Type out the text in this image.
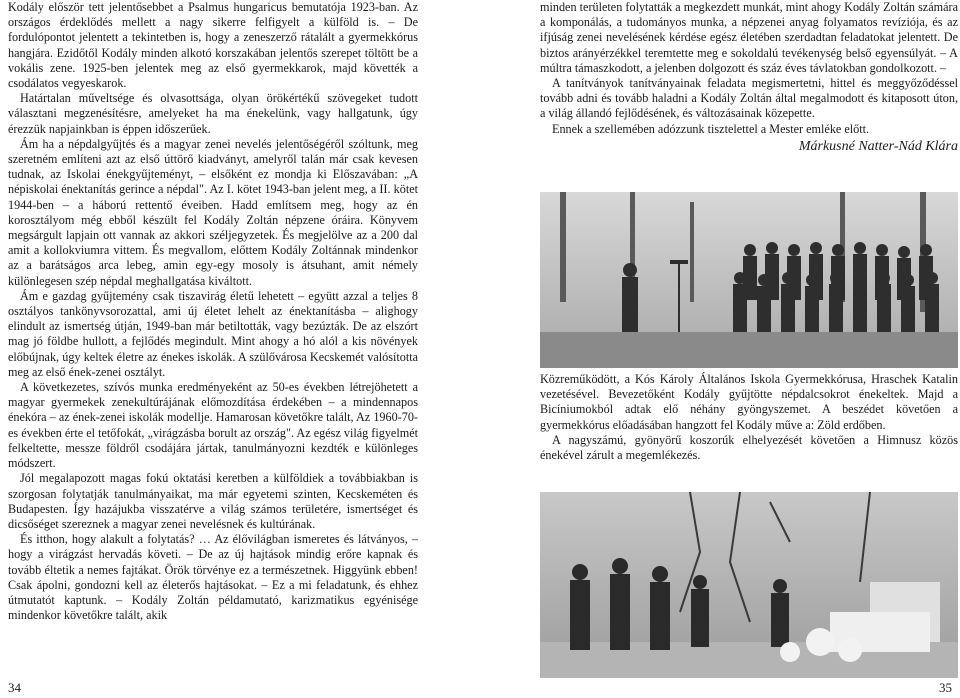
Kodály először tett jelentősebbet a Psalmus hungaricus bemutatója 1923-ban. Az országos érdeklődés mellett a nagy sikerre felfigyelt a külföld is. – De fordulópontot jelentett a tekintetben is, hogy a zeneszerző rátalált a gyermekkórus hangjára. Ezidőtől Kodály minden alkotó korszakában jelentős szerepet töltött be a vokális zene. 1925-ben jelentek meg az első gyermekkarok, majd követték a csodálatos vegyeskarok.

Határtalan műveltsége és olvasottsága, olyan örökértékű szövegeket tudott választani megzenésítésre, amelyeket ha ma énekelünk, vagy hallgatunk, úgy érezzük napjainkban is éppen időszerűek.

Ám ha a népdalgyűjtés és a magyar zenei nevelés jelentőségéről szóltunk, meg szeretném említeni azt az első úttörő kiadványt, amelyről talán már csak kevesen tudnak, az Iskolai énekgyűjteményt, – elsőként ez mondja ki Előszavában: „A népiskolai énektanítás gerince a népdal". Az I. kötet 1943-ban jelent meg, a II. kötet 1944-ben – a háború rettentő éveiben. Hadd említsem meg, hogy az én korosztályom még ebből készült fel Kodály Zoltán népzene óráira. Könyvem megsárgult lapjain ott vannak az akkori széljegyzetek. És megjelölve az a 200 dal amit a kollokviumra vittem. És megvallom, előttem Kodály Zoltánnak mindenkor az a barátságos arca lebeg, amin egy-egy mosoly is átsuhant, amit némely különlegesen szép népdal meghallgatása kiváltott.

Ám e gazdag gyűjtemény csak tiszavirág életű lehetett – együtt azzal a teljes 8 osztályos tankönyvsorozattal, ami új életet lehelt az énektanításba – alighogy elindult az ismertség útján, 1949-ban már betiltották, vagy bezúzták. De az elszórt mag jó földbe hullott, a fejlődés megindult. Mint ahogy a hó alól a kis növények előbújnak, úgy keltek életre az énekes iskolák. A szülővárosa Kecskemét valósította meg az első ének-zenei osztályt.

A következetes, szívós munka eredményeként az 50-es években létrejöhetett a magyar gyermekek zenekultúrájának előmozdítása érdekében – a mindennapos énekóra – az ének-zenei iskolák modellje. Hamarosan követőkre talált, Az 1960-70-es években érte el tetőfokát, „virágzásba borult az ország". Az egész világ figyelmét felkeltette, messze földről csodájára jártak, tanulmányozni kezdték e különleges módszert.

Jól megalapozott magas fokú oktatási keretben a külföldiek a továbbiakban is szorgosan folytatják tanulmányaikat, ma már egyetemi szinten, Kecskeméten és Budapesten. Így hazájukba visszatérve a világ számos területére, ismertséget és dicsőséget szereznek a magyar zenei nevelésnek és kultúrának.

És itthon, hogy alakult a folytatás? … Az élővilágban ismeretes és látványos, – hogy a virágzást hervadás követi. – De az új hajtások mindig erőre kapnak és tovább éltetik a nemes fajtákat. Örök törvénye ez a természetnek. Higgyünk ebben! Csak ápolni, gondozni kell az életerős hajtásokat. – Ez a mi feladatunk, és ehhez útmutatót kaptunk. – Kodály Zoltán példamutató, karizmatikus egyénisége mindenkor követőkre talált, akik

34

minden területen folytatták a megkezdett munkát, mint ahogy Kodály Zoltán számára a komponálás, a tudományos munka, a népzenei anyag folyamatos revíziója, és az ifjúság zenei nevelésének kérdése egész életében szerdadtan feladatokat jelentett. De biztos arányérzékkel teremtette meg e sokoldalú tevékenység belső egyensúlyát. – A múltra támaszkodott, a jelenben dolgozott és száz éves távlatokban gondolkozott. –

A tanítványok tanítványainak feladata megismertetni, hittel és meggyőződéssel tovább adni és tovább haladni a Kodály Zoltán által megalmodott és kitaposott úton, a világ állandó fejlődésének, és változásainak közepette.

Ennek a szellemében adózzunk tisztelettel a Mester emléke előtt.

Márkusné Natter-Nád Klára

Közreműködött, a Kós Károly Általános Iskola Gyermekkórusa, Hraschek Katalin vezetésével. Bevezetőként Kodály gyűjtötte népdalcsokrot énekeltek. Majd a Bicíniumokból adtak elő néhány gyöngyszemet. A beszédet követően a gyermekkórus előadásában hangzott fel Kodály műve a: Zöld erdőben.

A nagyszámú, gyönyörű koszorúk elhelyezését követően a Himnusz közös énekével zárult a megemlékezés.

35
